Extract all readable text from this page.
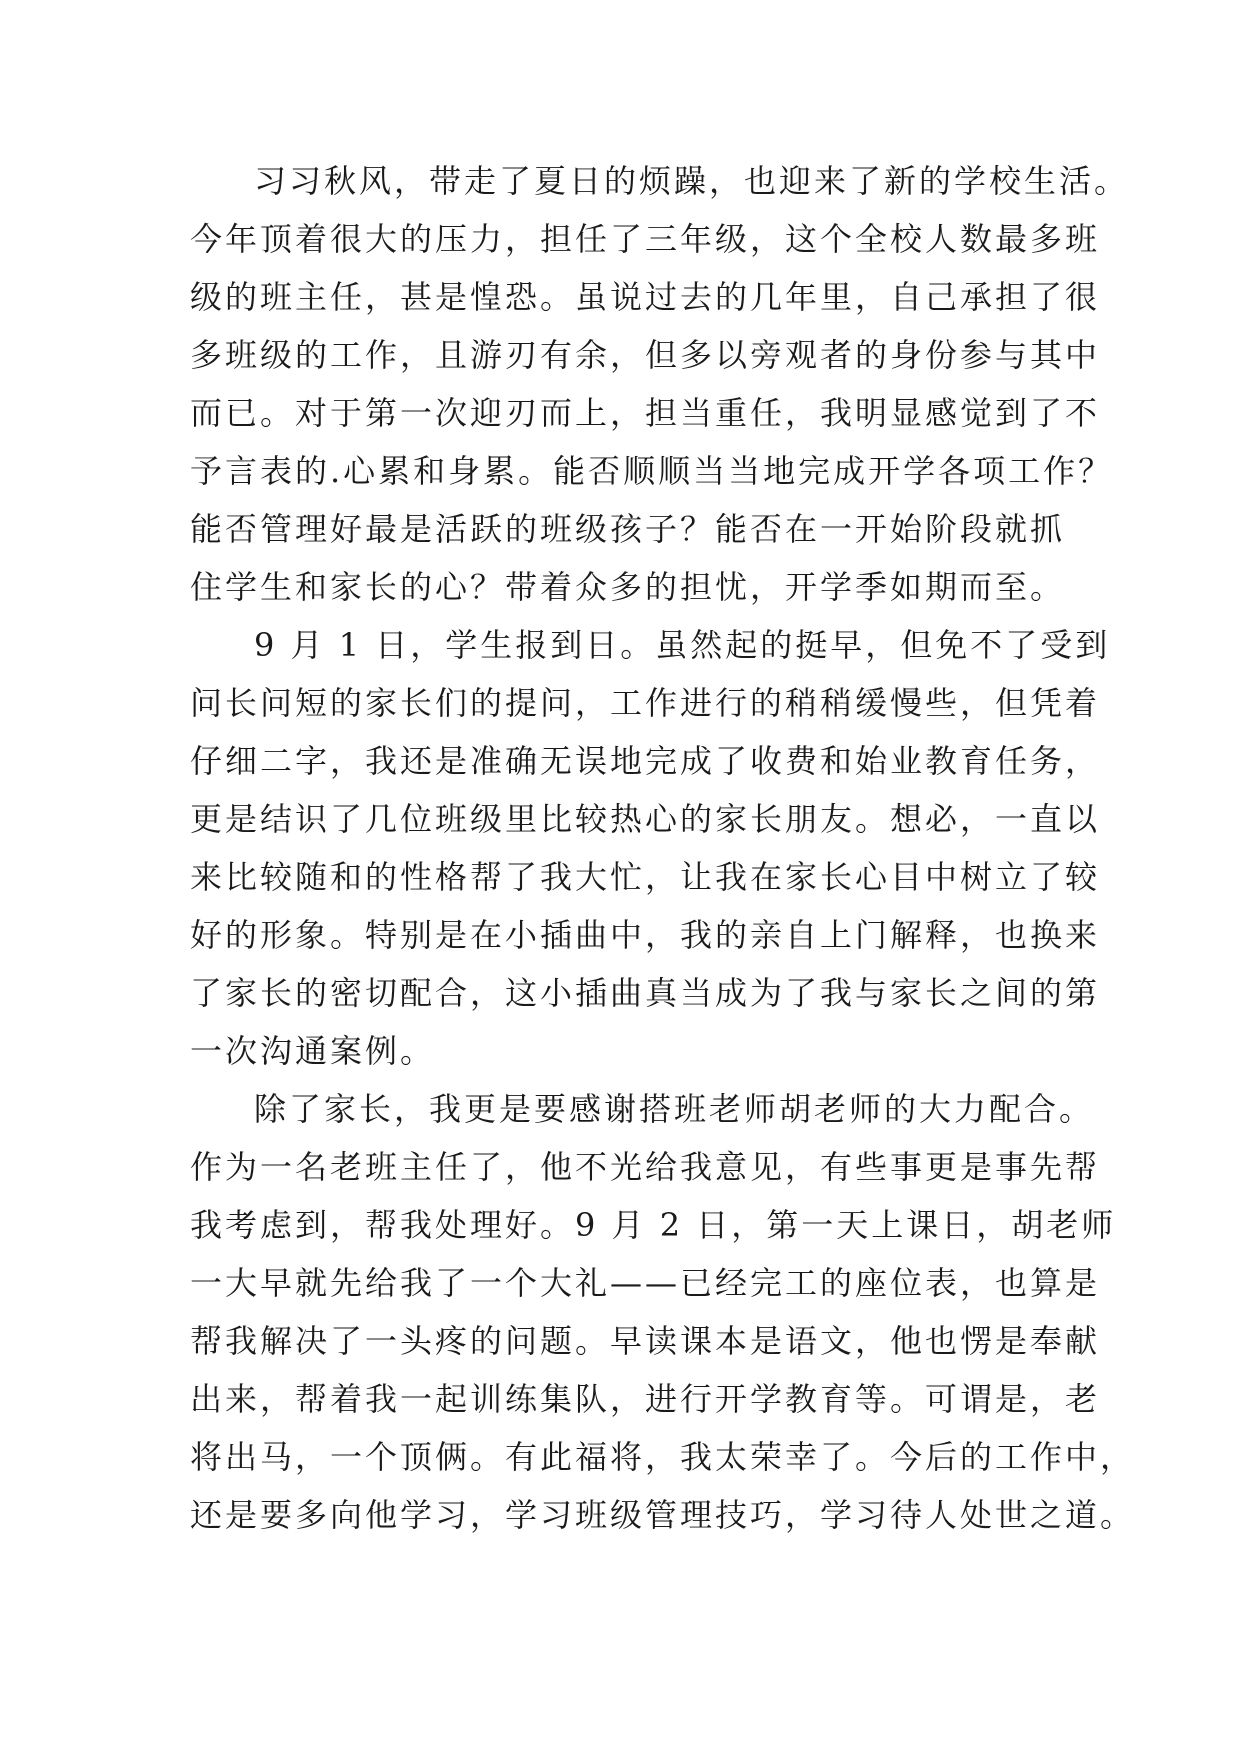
习习秋风，带走了夏日的烦躁，也迎来了新的学校生活。
今年顶着很大的压力，担任了三年级，这个全校人数最多班
级的班主任，甚是惶恐。虽说过去的几年里，自己承担了很
多班级的工作，且游刃有余，但多以旁观者的身份参与其中
而已。对于第一次迎刃而上，担当重任，我明显感觉到了不
予言表的.心累和身累。能否顺顺当当地完成开学各项工作？
能否管理好最是活跃的班级孩子？能否在一开始阶段就抓
住学生和家长的心？带着众多的担忧，开学季如期而至。
9 月 1 日，学生报到日。虽然起的挺早，但免不了受到
问长问短的家长们的提问，工作进行的稍稍缓慢些，但凭着
仔细二字，我还是准确无误地完成了收费和始业教育任务，
更是结识了几位班级里比较热心的家长朋友。想必，一直以
来比较随和的性格帮了我大忙，让我在家长心目中树立了较
好的形象。特别是在小插曲中，我的亲自上门解释，也换来
了家长的密切配合，这小插曲真当成为了我与家长之间的第
一次沟通案例。
除了家长，我更是要感谢搭班老师胡老师的大力配合。
作为一名老班主任了，他不光给我意见，有些事更是事先帮
我考虑到，帮我处理好。9 月 2 日，第一天上课日，胡老师
一大早就先给我了一个大礼——已经完工的座位表，也算是
帮我解决了一头疼的问题。早读课本是语文，他也愣是奉献
出来，帮着我一起训练集队，进行开学教育等。可谓是，老
将出马，一个顶俩。有此福将，我太荣幸了。今后的工作中，
还是要多向他学习，学习班级管理技巧，学习待人处世之道。
